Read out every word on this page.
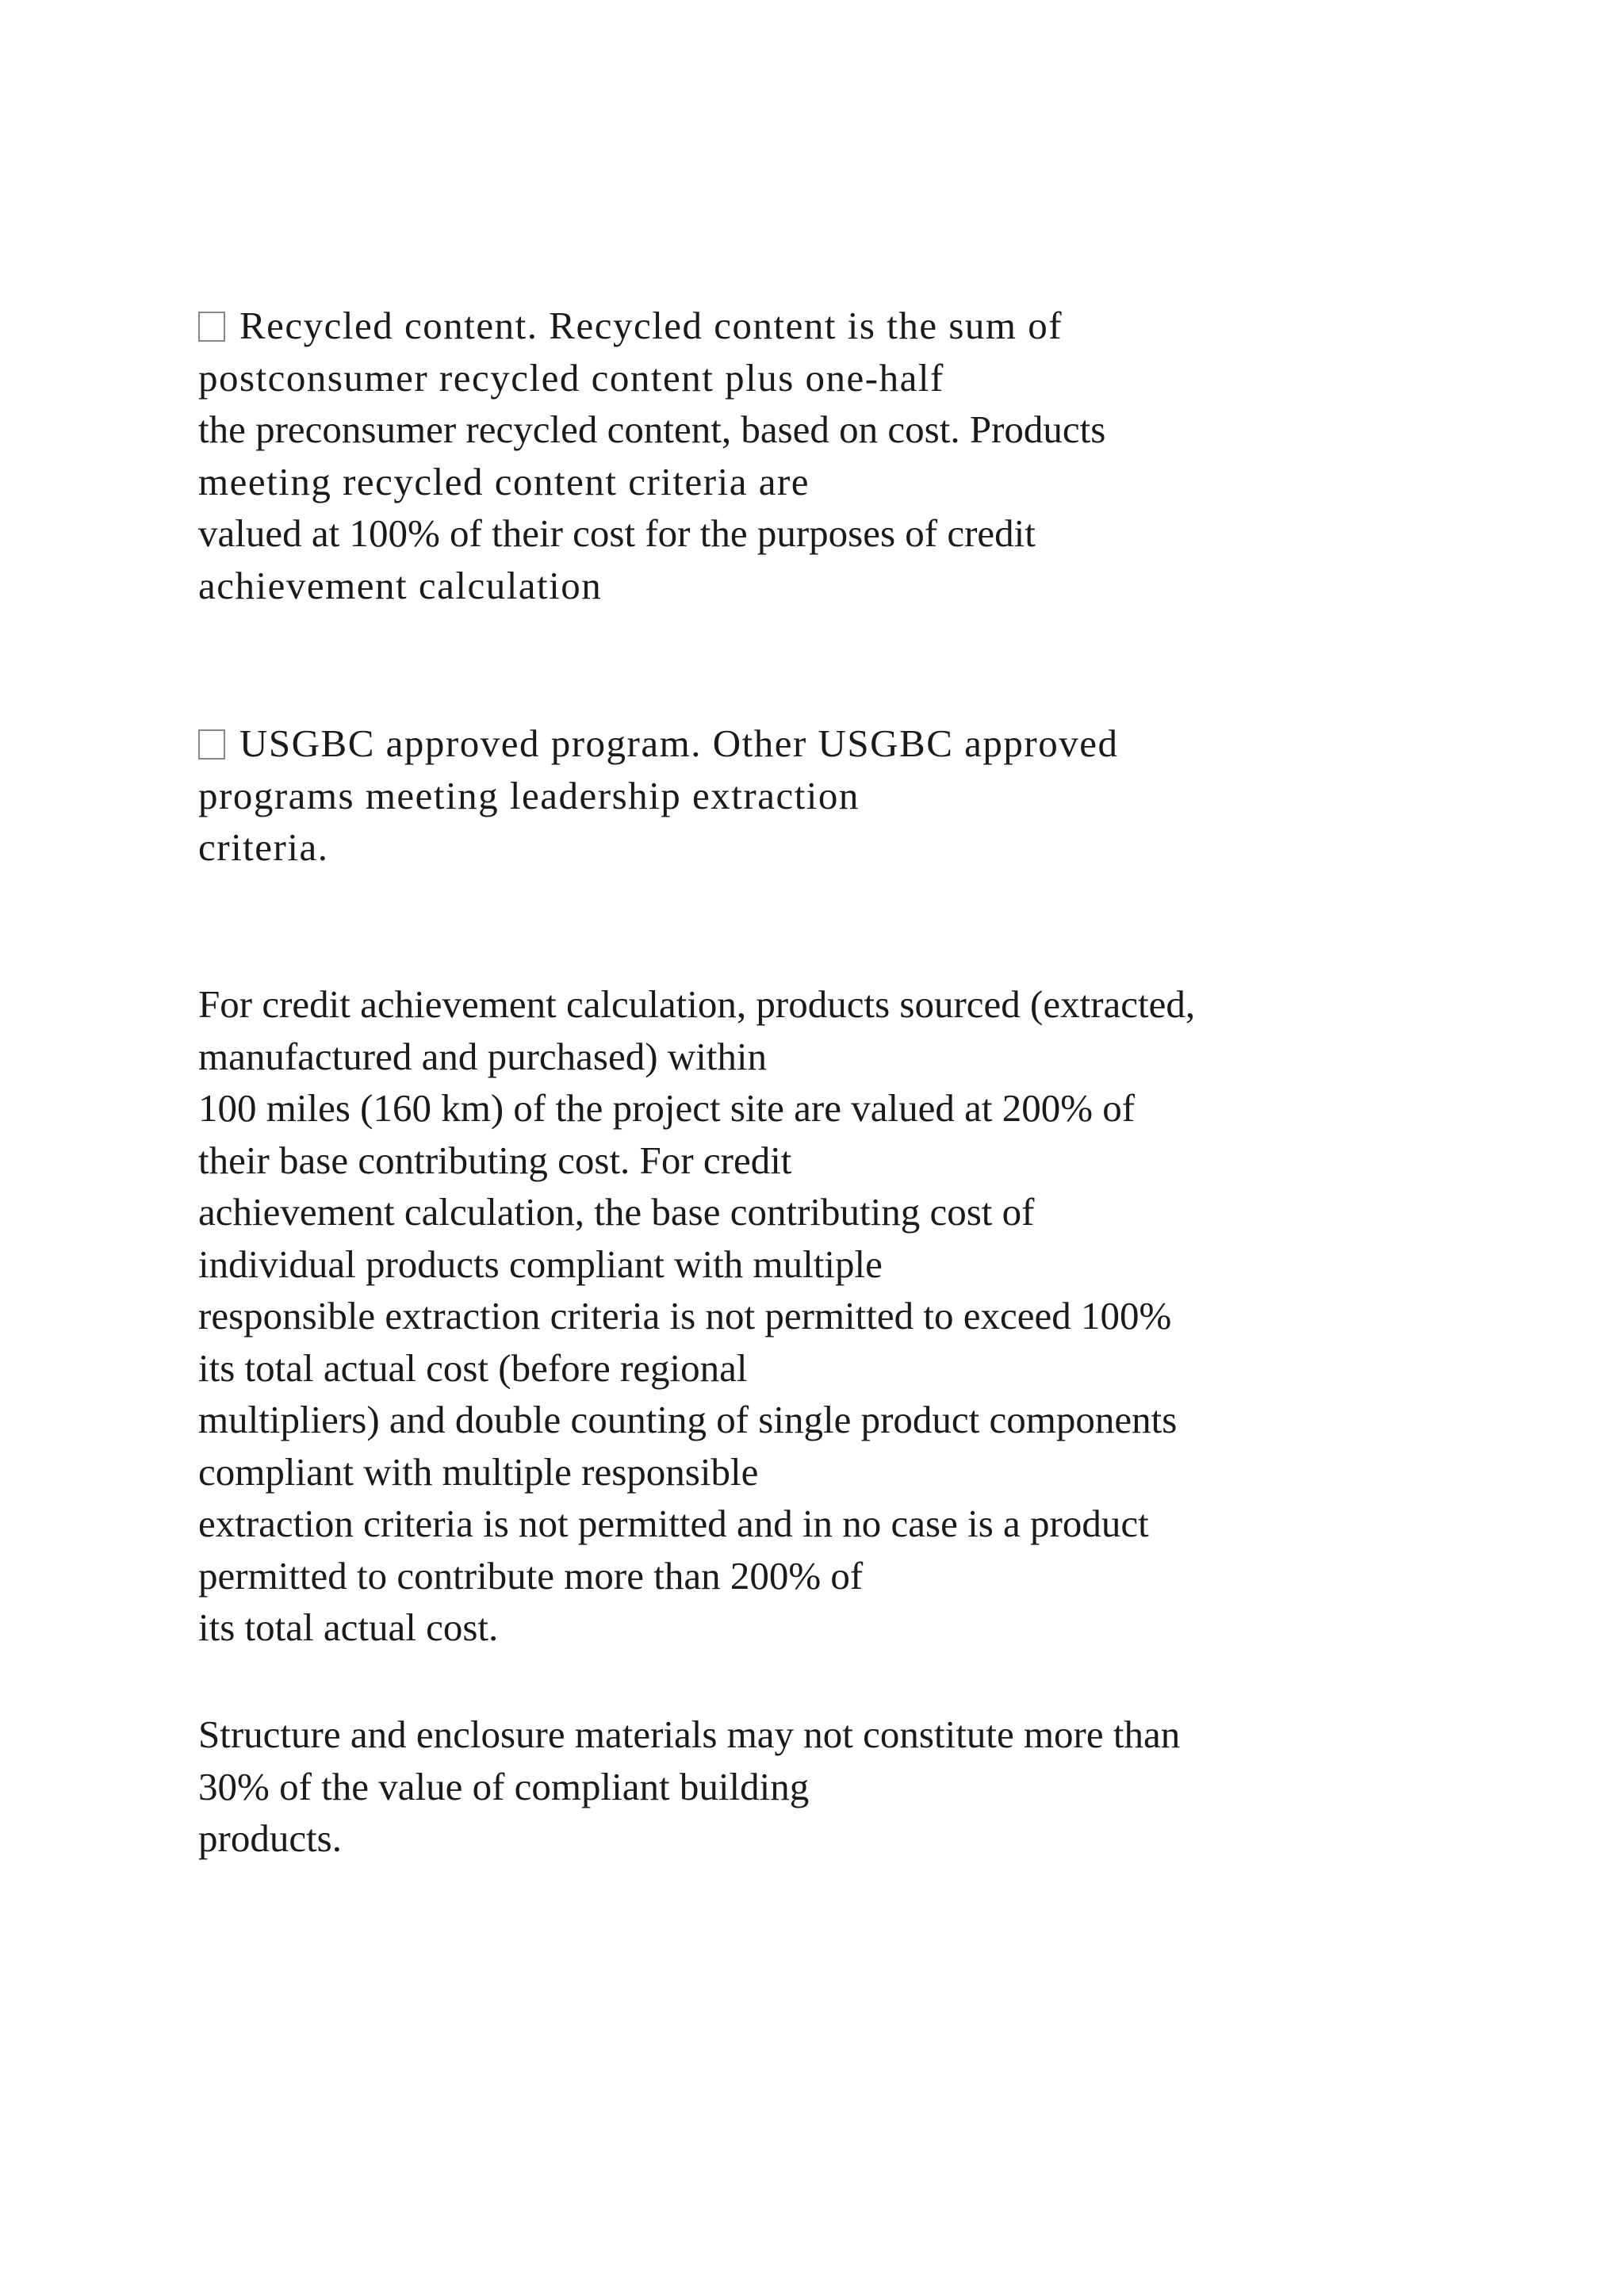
Recycled content. Recycled content is the sum of
postconsumer recycled content plus one-half
the preconsumer recycled content, based on cost. Products
meeting recycled content criteria are
valued at 100% of their cost for the purposes of credit
achievement calculation
USGBC approved program. Other USGBC approved
programs meeting leadership extraction
criteria.
For credit achievement calculation, products sourced (extracted,
manufactured and purchased) within
100 miles (160 km) of the project site are valued at 200% of
their base contributing cost. For credit
achievement calculation, the base contributing cost of
individual products compliant with multiple
responsible extraction criteria is not permitted to exceed 100%
its total actual cost (before regional
multipliers) and double counting of single product components
compliant with multiple responsible
extraction criteria is not permitted and in no case is a product
permitted to contribute more than 200% of
its total actual cost.
Structure and enclosure materials may not constitute more than
30% of the value of compliant building
products.
